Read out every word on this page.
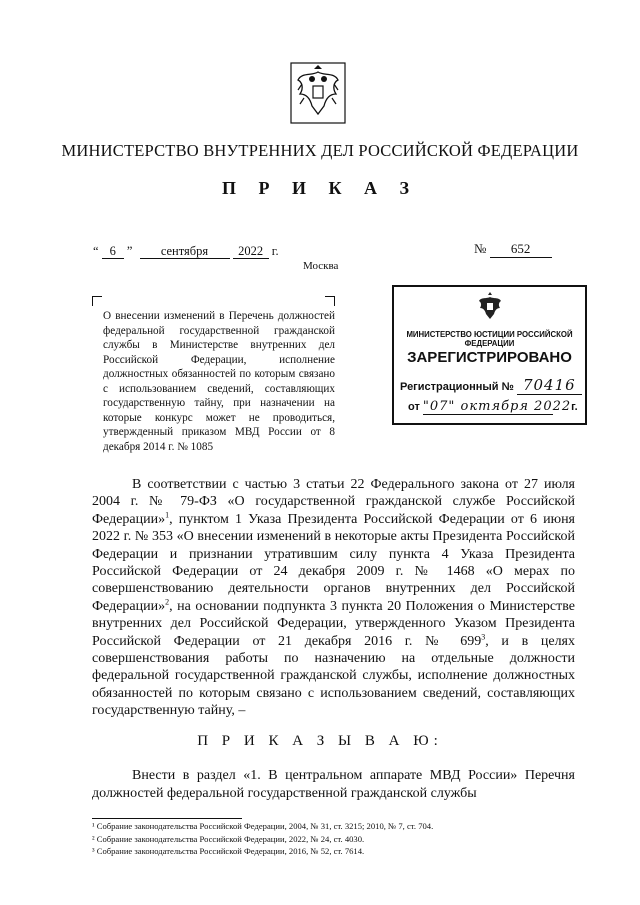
МИНИСТЕРСТВО ВНУТРЕННИХ ДЕЛ РОССИЙСКОЙ ФЕДЕРАЦИИ
П Р И К А З
“ 6 ” сентября 2022 г.
Москва
№ 652
О внесении изменений в Перечень должностей федеральной государственной гражданской службы в Министерстве внутренних дел Российской Федерации, исполнение должностных обязанностей по которым связано с использованием сведений, составляющих государственную тайну, при назначении на которые конкурс может не проводиться, утвержденный приказом МВД России от 8 декабря 2014 г. № 1085
МИНИСТЕРСТВО ЮСТИЦИИ РОССИЙСКОЙ ФЕДЕРАЦИИ
ЗАРЕГИСТРИРОВАНО
Регистрационный № 70416
от "07" октября 2022г.
В соответствии с частью 3 статьи 22 Федерального закона от 27 июля 2004 г. № 79-ФЗ «О государственной гражданской службе Российской Федерации»$^1$, пунктом 1 Указа Президента Российской Федерации от 6 июня 2022 г. № 353 «О внесении изменений в некоторые акты Президента Российской Федерации и признании утратившим силу пункта 4 Указа Президента Российской Федерации от 24 декабря 2009 г. № 1468 «О мерах по совершенствованию деятельности органов внутренних дел Российской Федерации»$^2$, на основании подпункта 3 пункта 20 Положения о Министерстве внутренних дел Российской Федерации, утвержденного Указом Президента Российской Федерации от 21 декабря 2016 г. № $699^3$, и в целях совершенствования работы по назначению на отдельные должности федеральной государственной гражданской службы, исполнение должностных обязанностей по которым связано с использованием сведений, составляющих государственную тайну, –
П Р И К А З Ы В А Ю:
Внести в раздел «1. В центральном аппарате МВД России» Перечня должностей федеральной государственной гражданской службы
¹ Собрание законодательства Российской Федерации, 2004, № 31, ст. 3215; 2010, № 7, ст. 704.
² Собрание законодательства Российской Федерации, 2022, № 24, ст. 4030.
³ Собрание законодательства Российской Федерации, 2016, № 52, ст. 7614.
